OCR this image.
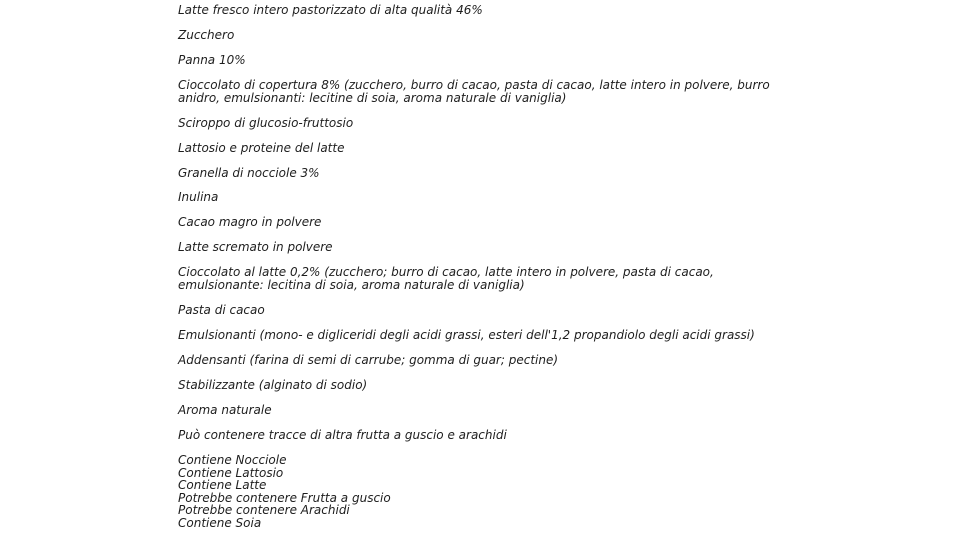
Latte fresco intero pastorizzato di alta qualità 46%

Zucchero

Panna 10%

Cioccolato di copertura 8% (zucchero, burro di cacao, pasta di cacao, latte intero in polvere, burro anidro, emulsionanti: lecitine di soia, aroma naturale di vaniglia)

Sciroppo di glucosio-fruttosio

Lattosio e proteine del latte

Granella di nocciole 3%

Inulina

Cacao magro in polvere

Latte scremato in polvere

Cioccolato al latte 0,2% (zucchero; burro di cacao, latte intero in polvere, pasta di cacao, emulsionante: lecitina di soia, aroma naturale di vaniglia)

Pasta di cacao

Emulsionanti (mono- e digliceridi degli acidi grassi, esteri dell'1,2 propandiolo degli acidi grassi)

Addensanti (farina di semi di carrube; gomma di guar; pectine)

Stabilizzante (alginato di sodio)

Aroma naturale

Può contenere tracce di altra frutta a guscio e arachidi

Contiene Nocciole
Contiene Lattosio
Contiene Latte
Potrebbe contenere Frutta a guscio
Potrebbe contenere Arachidi
Contiene Soia
